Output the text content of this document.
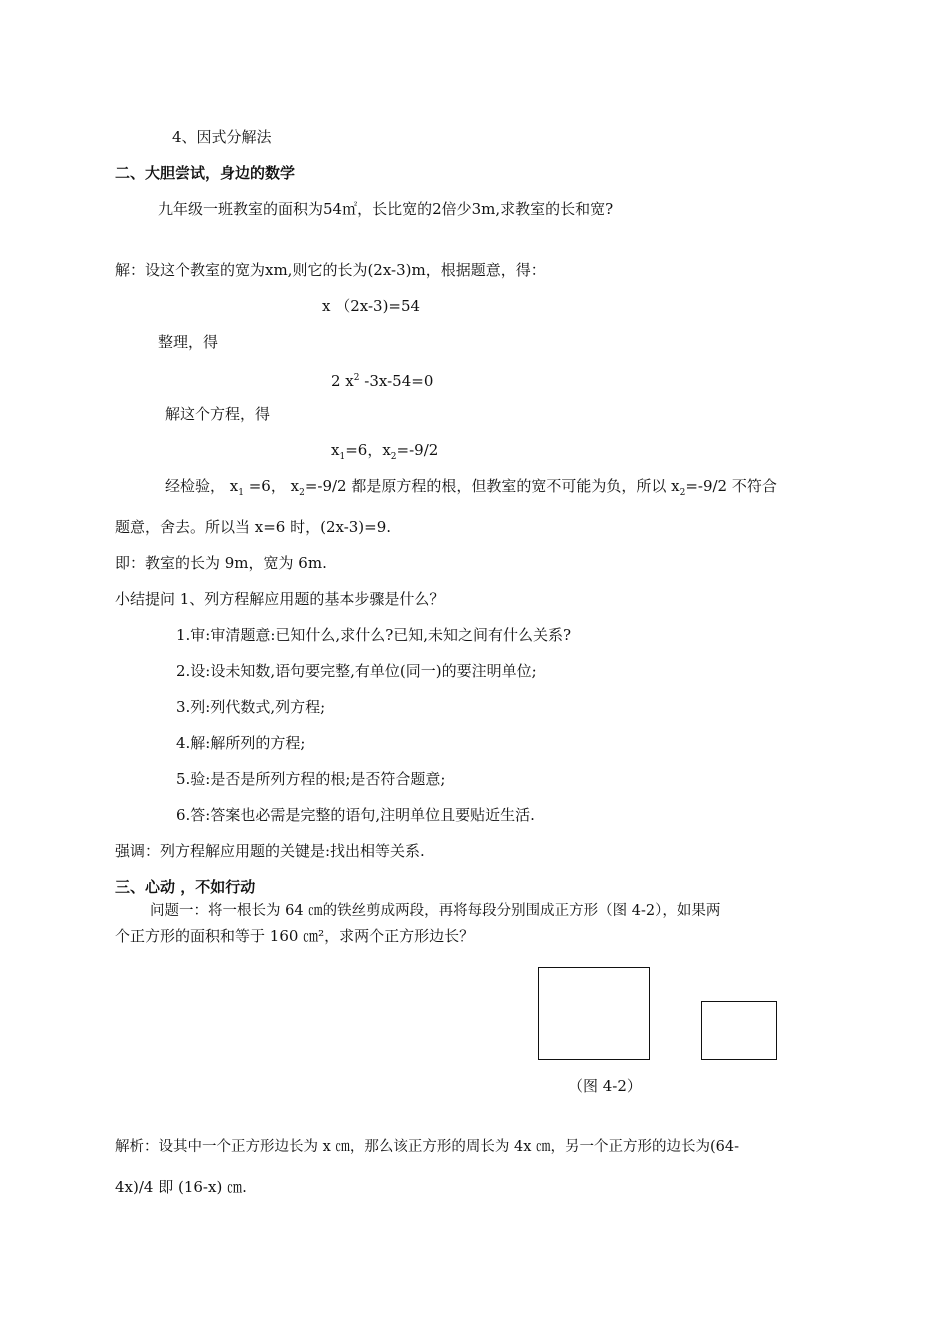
4、因式分解法
二、大胆尝试，身边的数学
九年级一班教室的面积为54㎡，长比宽的2倍少3m,求教室的长和宽?
解：设这个教室的宽为xm,则它的长为(2x-3)m，根据题意，得：
x （2x-3)=54
整理，得
2 $x^2$ -3x-54=0
解这个方程，得
$x_1=6$，$x_2=-9/2$
经检验， $x_1 =6$， $x_2=-9/2$ 都是原方程的根，但教室的宽不可能为负，所以 $x_2=-9/2$ 不符合
题意，舍去。所以当 x=6 时，(2x-3)=9.
即：教室的长为 9m，宽为 6m.
小结提问 1、列方程解应用题的基本步骤是什么？
1.审:审清题意:已知什么,求什么?已知,未知之间有什么关系?
2.设:设未知数,语句要完整,有单位(同一)的要注明单位;
3.列:列代数式,列方程;
4.解:解所列的方程;
5.验:是否是所列方程的根;是否符合题意;
6.答:答案也必需是完整的语句,注明单位且要贴近生活.
强调：列方程解应用题的关键是:找出相等关系.
三、心动 ，不如行动
问题一：将一根长为 64 ㎝的铁丝剪成两段，再将每段分别围成正方形（图 4-2），如果两
个正方形的面积和等于 160 ㎝²，求两个正方形边长？
（图 4-2）
解析：设其中一个正方形边长为 x ㎝，那么该正方形的周长为 4x ㎝，另一个正方形的边长为(64-
4x)/4 即 (16-x) ㎝.
